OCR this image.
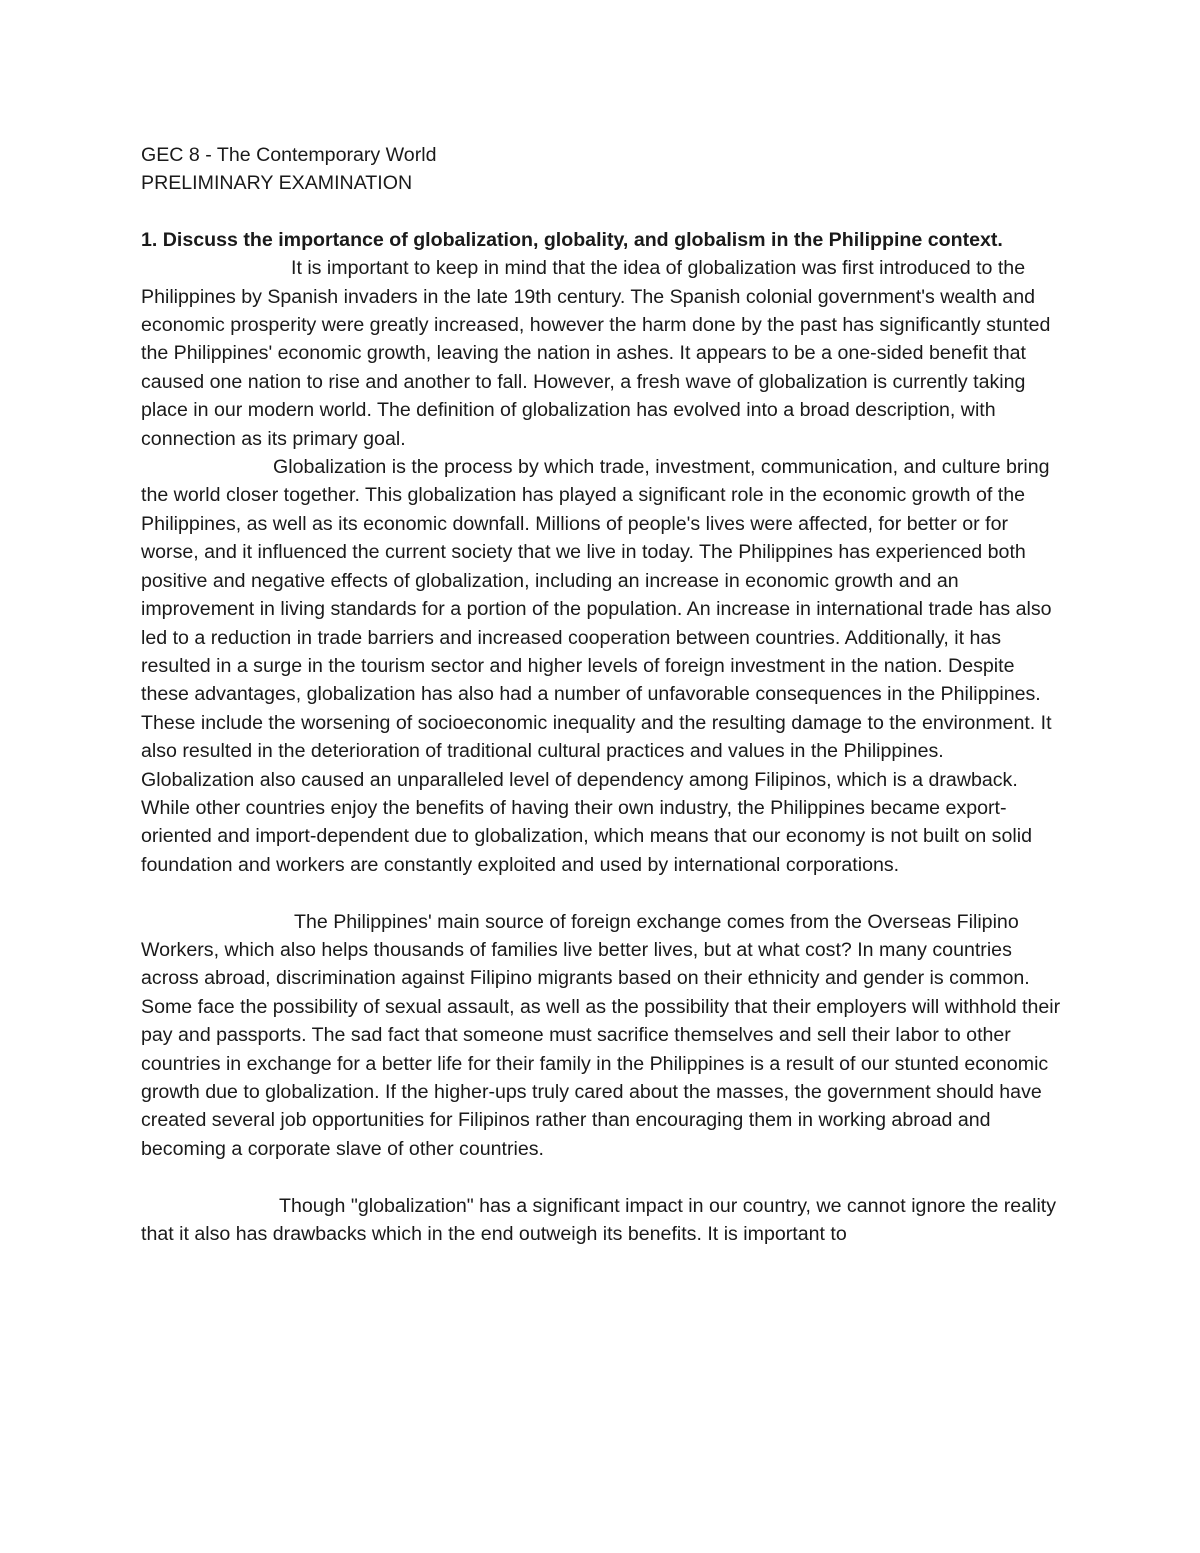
GEC 8 - The Contemporary World

PRELIMINARY EXAMINATION

1. Discuss the importance of globalization, globality, and globalism in the Philippine context.

It is important to keep in mind that the idea of globalization was first introduced to the Philippines by Spanish invaders in the late 19th century. The Spanish colonial government's wealth and economic prosperity were greatly increased, however the harm done by the past has significantly stunted the Philippines' economic growth, leaving the nation in ashes. It appears to be a one-sided benefit that caused one nation to rise and another to fall. However, a fresh wave of globalization is currently taking place in our modern world. The definition of globalization has evolved into a broad description, with connection as its primary goal.

Globalization is the process by which trade, investment, communication, and culture bring the world closer together. This globalization has played a significant role in the economic growth of the Philippines, as well as its economic downfall. Millions of people's lives were affected, for better or for worse, and it influenced the current society that we live in today. The Philippines has experienced both positive and negative effects of globalization, including an increase in economic growth and an improvement in living standards for a portion of the population. An increase in international trade has also led to a reduction in trade barriers and increased cooperation between countries. Additionally, it has resulted in a surge in the tourism sector and higher levels of foreign investment in the nation. Despite these advantages, globalization has also had a number of unfavorable consequences in the Philippines. These include the worsening of socioeconomic inequality and the resulting damage to the environment. It also resulted in the deterioration of traditional cultural practices and values in the Philippines. Globalization also caused an unparalleled level of dependency among Filipinos, which is a drawback. While other countries enjoy the benefits of having their own industry, the Philippines became export-oriented and import-dependent due to globalization, which means that our economy is not built on solid foundation and workers are constantly exploited and used by international corporations.

The Philippines' main source of foreign exchange comes from the Overseas Filipino Workers, which also helps thousands of families live better lives, but at what cost? In many countries across abroad, discrimination against Filipino migrants based on their ethnicity and gender is common. Some face the possibility of sexual assault, as well as the possibility that their employers will withhold their pay and passports. The sad fact that someone must sacrifice themselves and sell their labor to other countries in exchange for a better life for their family in the Philippines is a result of our stunted economic growth due to globalization. If the higher-ups truly cared about the masses, the government should have created several job opportunities for Filipinos rather than encouraging them in working abroad and becoming a corporate slave of other countries.

Though "globalization" has a significant impact in our country, we cannot ignore the reality that it also has drawbacks which in the end outweigh its benefits. It is important to
